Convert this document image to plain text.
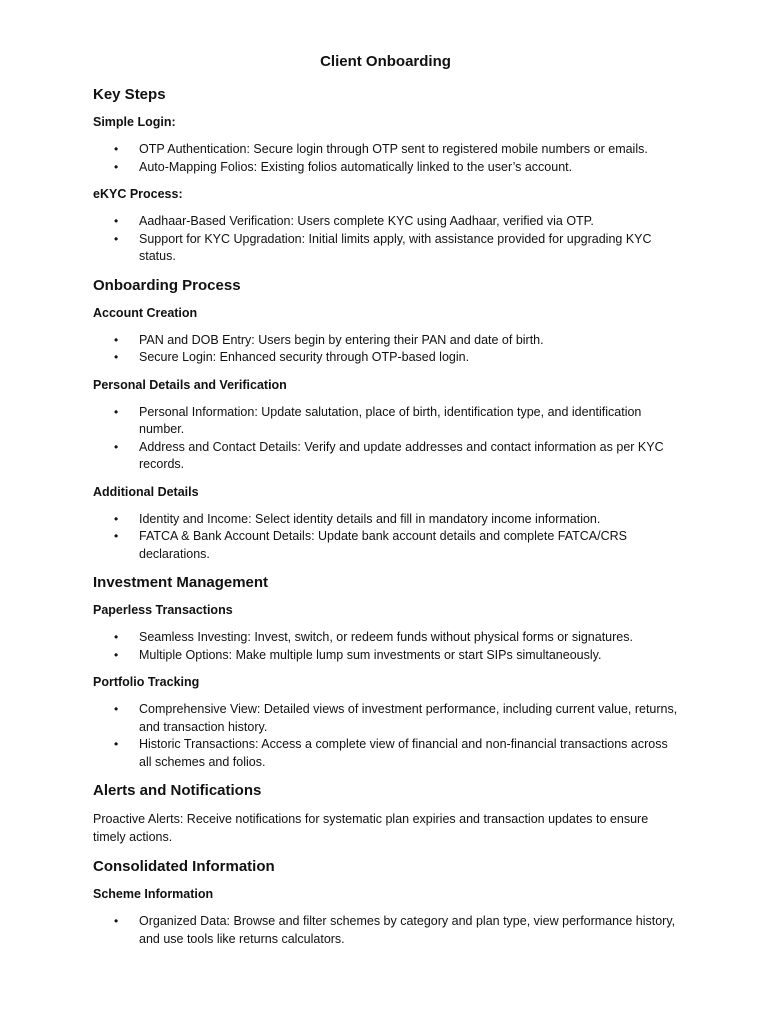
Client Onboarding
Key Steps
Simple Login:
• OTP Authentication: Secure login through OTP sent to registered mobile numbers or emails.
• Auto-Mapping Folios: Existing folios automatically linked to the user’s account.
eKYC Process:
• Aadhaar-Based Verification: Users complete KYC using Aadhaar, verified via OTP.
• Support for KYC Upgradation: Initial limits apply, with assistance provided for upgrading KYC status.
Onboarding Process
Account Creation
• PAN and DOB Entry: Users begin by entering their PAN and date of birth.
• Secure Login: Enhanced security through OTP-based login.
Personal Details and Verification
• Personal Information: Update salutation, place of birth, identification type, and identification number.
• Address and Contact Details: Verify and update addresses and contact information as per KYC records.
Additional Details
• Identity and Income: Select identity details and fill in mandatory income information.
• FATCA & Bank Account Details: Update bank account details and complete FATCA/CRS declarations.
Investment Management
Paperless Transactions
• Seamless Investing: Invest, switch, or redeem funds without physical forms or signatures.
• Multiple Options: Make multiple lump sum investments or start SIPs simultaneously.
Portfolio Tracking
• Comprehensive View: Detailed views of investment performance, including current value, returns, and transaction history.
• Historic Transactions: Access a complete view of financial and non-financial transactions across all schemes and folios.
Alerts and Notifications
Proactive Alerts: Receive notifications for systematic plan expiries and transaction updates to ensure timely actions.
Consolidated Information
Scheme Information
• Organized Data: Browse and filter schemes by category and plan type, view performance history, and use tools like returns calculators.
